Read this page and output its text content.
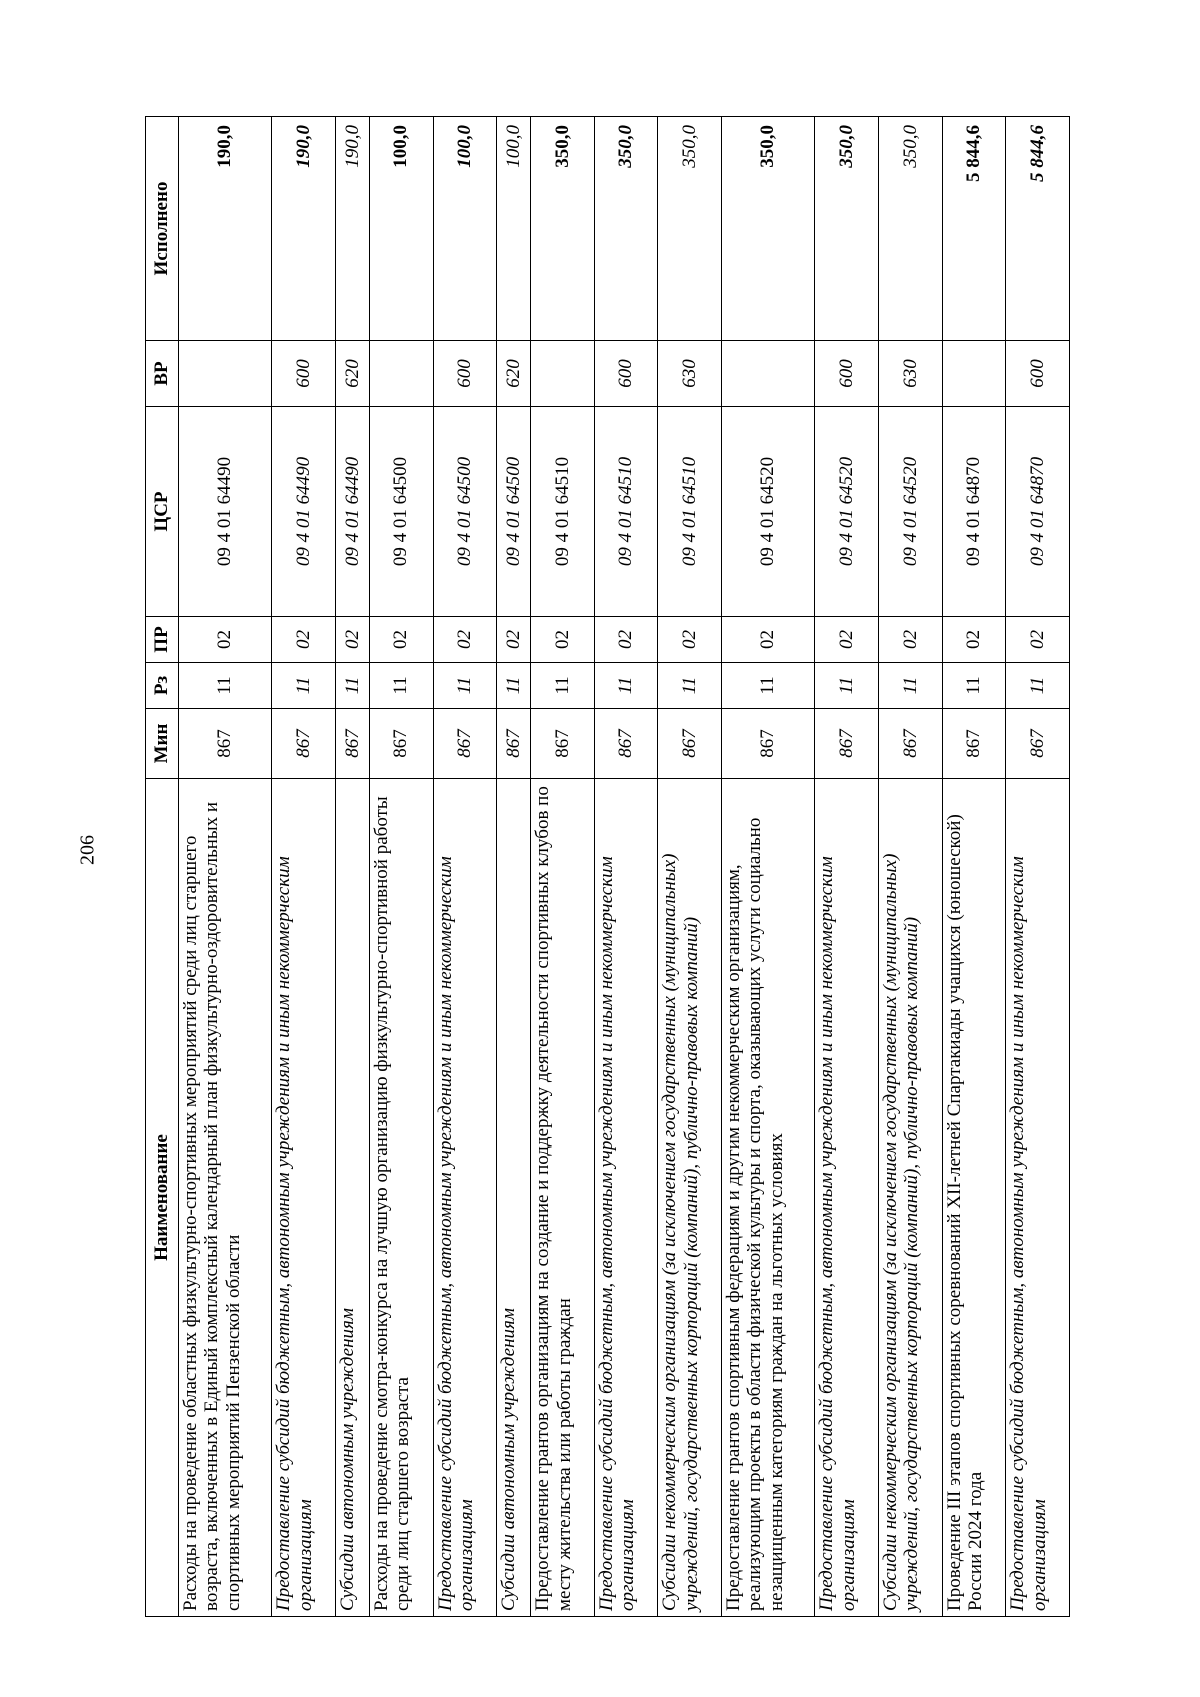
206
Наименование	Мин	Рз	ПР	ЦСР	ВР	Исполнено
Расходы на проведение областных физкультурно-спортивных мероприятий среди лиц старшего возраста, включенных в Единый комплексный календарный план физкультурно-оздоровительных и спортивных мероприятий Пензенской области	867	11	02	09 4 01 64490		190,0
Предоставление субсидий бюджетным, автономным учреждениям и иным некоммерческим организациям	867	11	02	09 4 01 64490	600	190,0
Субсидии автономным учреждениям	867	11	02	09 4 01 64490	620	190,0
Расходы на проведение смотра-конкурса на лучшую организацию физкультурно-спортивной работы среди лиц старшего возраста	867	11	02	09 4 01 64500		100,0
Предоставление субсидий бюджетным, автономным учреждениям и иным некоммерческим организациям	867	11	02	09 4 01 64500	600	100,0
Субсидии автономным учреждениям	867	11	02	09 4 01 64500	620	100,0
Предоставление грантов организациям на создание и поддержку деятельности спортивных клубов по месту жительства или работы граждан	867	11	02	09 4 01 64510		350,0
Предоставление субсидий бюджетным, автономным учреждениям и иным некоммерческим организациям	867	11	02	09 4 01 64510	600	350,0
Субсидии некоммерческим организациям (за исключением государственных (муниципальных) учреждений, государственных корпораций (компаний), публично-правовых компаний)	867	11	02	09 4 01 64510	630	350,0
Предоставление грантов спортивным федерациям и другим некоммерческим организациям, реализующим проекты в области физической культуры и спорта, оказывающих услуги социально незащищенным категориям граждан на льготных условиях	867	11	02	09 4 01 64520		350,0
Предоставление субсидий бюджетным, автономным учреждениям и иным некоммерческим организациям	867	11	02	09 4 01 64520	600	350,0
Субсидии некоммерческим организациям (за исключением государственных (муниципальных) учреждений, государственных корпораций (компаний), публично-правовых компаний)	867	11	02	09 4 01 64520	630	350,0
Проведение III этапов спортивных соревнований XII-летней Спартакиады учащихся (юношеской) России 2024 года	867	11	02	09 4 01 64870		5 844,6
Предоставление субсидий бюджетным, автономным учреждениям и иным некоммерческим организациям	867	11	02	09 4 01 64870	600	5 844,6
